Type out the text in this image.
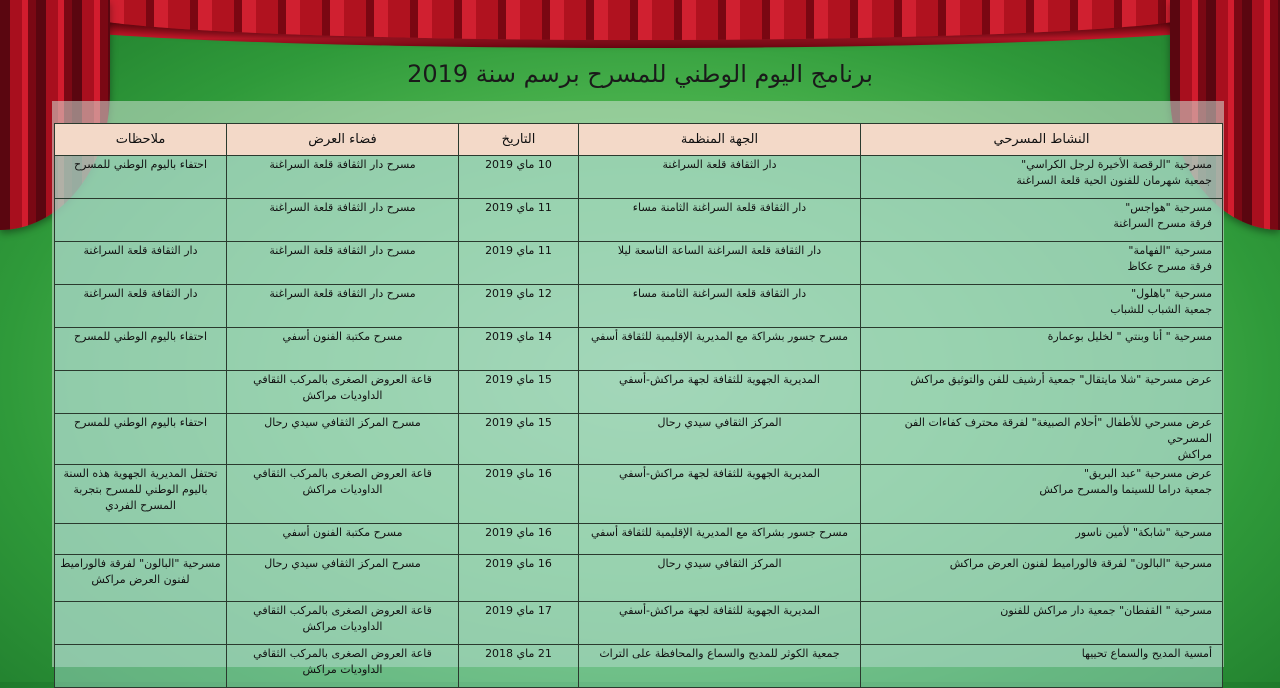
برنامج اليوم الوطني للمسرح برسم سنة 2019
النشاط المسرحي	الجهة المنظمة	التاريخ	فضاء العرض	ملاحظات

مسرحية "الرقصة الأخيرة لرجل الكراسي"
جمعية شهرمان للفنون الحية قلعة السراغنة	دار الثقافة قلعة السراغنة	10 ماي 2019	مسرح دار الثقافة قلعة السراغنة	احتفاء باليوم الوطني للمسرح

مسرحية "هواجس"
فرقة مسرح السراغنة	دار الثقافة قلعة السراغنة الثامنة مساء	11 ماي 2019	مسرح دار الثقافة قلعة السراغنة	

مسرحية "الفهامة"
فرقة مسرح عكاظ	دار الثقافة قلعة السراغنة الساعة التاسعة ليلا	11 ماي 2019	مسرح دار الثقافة قلعة السراغنة	دار الثقافة قلعة السراغنة

مسرحية "باهلول"
جمعية الشباب للشباب	دار الثقافة قلعة السراغنة الثامنة مساء	12 ماي 2019	مسرح دار الثقافة قلعة السراغنة	دار الثقافة قلعة السراغنة

مسرحية " أنا وبنتي " لخليل بوعمارة	مسرح جسور بشراكة مع المديرية الإقليمية للثقافة أسفي	14 ماي 2019	مسرح مكتبة الفنون أسفي	احتفاء باليوم الوطني للمسرح

عرض مسرحية "شلا مايتقال" جمعية أرشيف للفن والتوثيق مراكش	المديرية الجهوية للثقافة لجهة مراكش-أسفي	15 ماي 2019	قاعة العروض الصغرى بالمركب الثقافي
الداوديات مراكش	

عرض مسرحي للأطفال "أحلام الصبيغة" لفرقة محترف كفاءات الفن المسرحي
مراكش	المركز الثقافي سيدي رحال	15 ماي 2019	مسرح المركز الثقافي سيدي رحال	احتفاء باليوم الوطني للمسرح

عرض مسرحية "عبد البريق"
جمعية دراما للسينما والمسرح مراكش	المديرية الجهوية للثقافة لجهة مراكش-أسفي	16 ماي 2019	قاعة العروض الصغرى بالمركب الثقافي
الداوديات مراكش	تحتفل المديرية الجهوية هذه السنة
باليوم الوطني للمسرح بتجربة
المسرح الفردي

مسرحية "شابكة" لأمين ناسور	مسرح جسور بشراكة مع المديرية الإقليمية للثقافة أسفي	16 ماي 2019	مسرح مكتبة الفنون أسفي	

مسرحية "البالون" لفرقة فالوراميط لفنون العرض مراكش	المركز الثقافي سيدي رحال	16 ماي 2019	مسرح المركز الثقافي سيدي رحال	مسرحية "البالون" لفرقة فالوراميط
لفنون العرض مراكش

مسرحية " القفطان" جمعية دار مراكش للفنون	المديرية الجهوية للثقافة لجهة مراكش-أسفي	17 ماي 2019	قاعة العروض الصغرى بالمركب الثقافي
الداوديات مراكش	

أمسية المديح والسماع تحييها	جمعية الكوثر للمديح والسماع والمحافظة على التراث	21 ماي 2018	قاعة العروض الصغرى بالمركب الثقافي
الداوديات مراكش	
